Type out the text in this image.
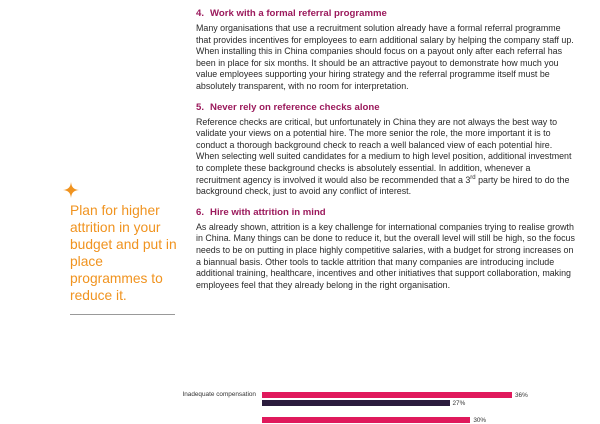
4. Work with a formal referral programme

Many organisations that use a recruitment solution already have a formal referral programme that provides incentives for employees to earn additional salary by helping the company staff up. When installing this in China companies should focus on a payout only after each referral has been in place for six months. It should be an attractive payout to demonstrate how much you value employees supporting your hiring strategy and the referral programme itself must be absolutely transparent, with no room for interpretation.

5. Never rely on reference checks alone

Reference checks are critical, but unfortunately in China they are not always the best way to validate your views on a potential hire. The more senior the role, the more important it is to conduct a thorough background check to reach a well balanced view of each potential hire. When selecting well suited candidates for a medium to high level position, additional investment to complete these background checks is absolutely essential. In addition, whenever a recruitment agency is involved it would also be recommended that a 3rd party be hired to do the background check, just to avoid any conflict of interest.

6. Hire with attrition in mind

As already shown, attrition is a key challenge for international companies trying to realise growth in China. Many things can be done to reduce it, but the overall level will still be high, so the focus needs to be on putting in place highly competitive salaries, with a budget for strong increases on a biannual basis. Other tools to tackle attrition that many companies are introducing include additional training, healthcare, incentives and other initiatives that support collaboration, making employees feel that they already belong in the right organisation.

Plan for higher attrition in your budget and put in place programmes to reduce it.

Inadequate compensation	36%
27%
30%
